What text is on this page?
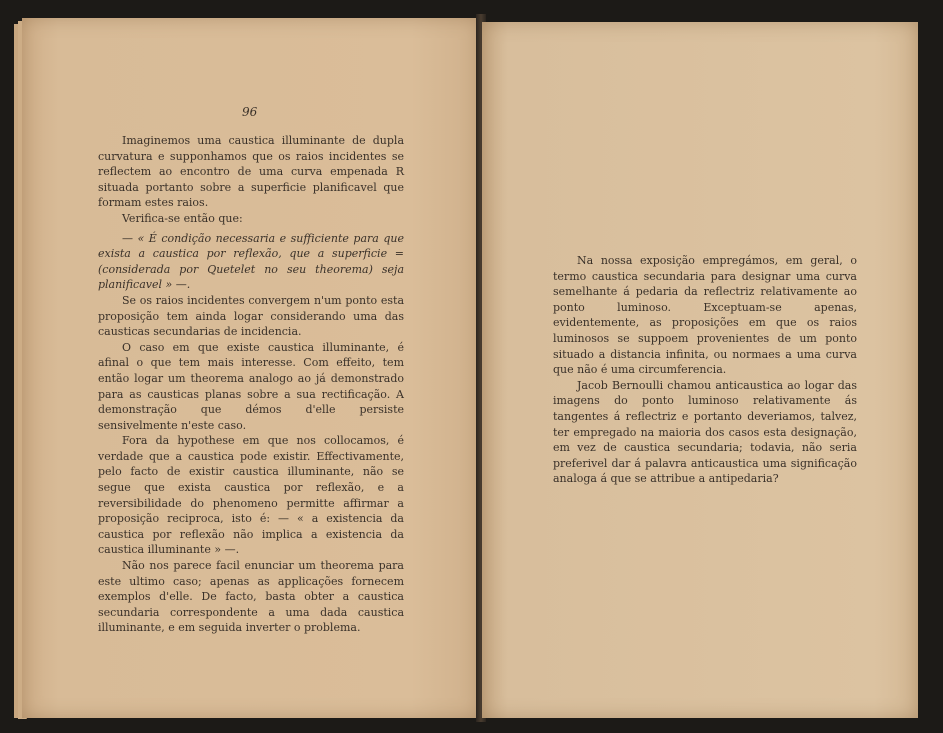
96

Imaginemos uma caustica illuminante de dupla curvatura e supponhamos que os raios incidentes se reflectem ao encontro de uma curva empenada R situada portanto sobre a superficie planificavel que formam estes raios.

Verifica-se então que:

— « É condição necessaria e sufficiente para que exista a caustica por reflexão, que a superficie = (considerada por Quetelet no seu theorema) seja planificavel » —.

Se os raios incidentes convergem n'um ponto esta proposição tem ainda logar considerando uma das causticas secundarias de incidencia.

O caso em que existe caustica illuminante, é afinal o que tem mais interesse. Com effeito, tem então logar um theorema analogo ao já demonstrado para as causticas planas sobre a sua rectificação. A demonstração que démos d'elle persiste sensivelmente n'este caso.

Fora da hypothese em que nos collocamos, é verdade que a caustica pode existir. Effectivamente, pelo facto de existir caustica illuminante, não se segue que exista caustica por reflexão, e a reversibilidade do phenomeno permitte affirmar a proposição reciproca, isto é: — « a existencia da caustica por reflexão não implica a existencia da caustica illuminante » —.

Não nos parece facil enunciar um theorema para este ultimo caso; apenas as applicações fornecem exemplos d'elle. De facto, basta obter a caustica secundaria correspondente a uma dada caustica illuminante, e em seguida inverter o problema.

Na nossa exposição empregámos, em geral, o termo caustica secundaria para designar uma curva semelhante á pedaria da reflectriz relativamente ao ponto luminoso. Exceptuam-se apenas, evidentemente, as proposições em que os raios luminosos se suppoem provenientes de um ponto situado a distancia infinita, ou normaes a uma curva que não é uma circumferencia.

Jacob Bernoulli chamou anticaustica ao logar das imagens do ponto luminoso relativamente ás tangentes á reflectriz e portanto deveriamos, talvez, ter empregado na maioria dos casos esta designação, em vez de caustica secundaria; todavia, não seria preferivel dar á palavra anticaustica uma significação analoga á que se attribue a antipedaria?
